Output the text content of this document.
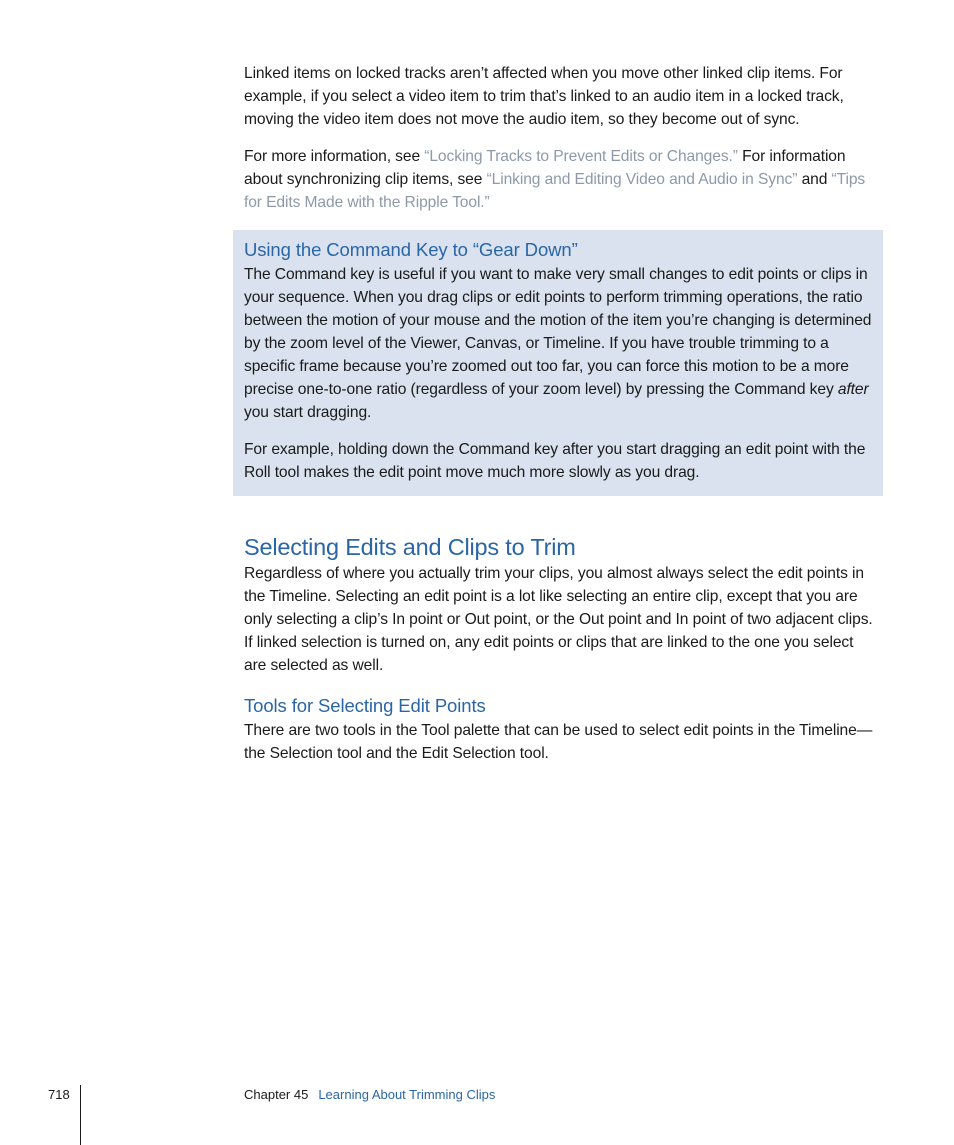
Linked items on locked tracks aren’t affected when you move other linked clip items. For example, if you select a video item to trim that’s linked to an audio item in a locked track, moving the video item does not move the audio item, so they become out of sync.

For more information, see “Locking Tracks to Prevent Edits or Changes.” For information about synchronizing clip items, see “Linking and Editing Video and Audio in Sync” and “Tips for Edits Made with the Ripple Tool.”

Using the Command Key to “Gear Down”

The Command key is useful if you want to make very small changes to edit points or clips in your sequence. When you drag clips or edit points to perform trimming operations, the ratio between the motion of your mouse and the motion of the item you’re changing is determined by the zoom level of the Viewer, Canvas, or Timeline. If you have trouble trimming to a specific frame because you’re zoomed out too far, you can force this motion to be a more precise one-to-one ratio (regardless of your zoom level) by pressing the Command key after you start dragging.

For example, holding down the Command key after you start dragging an edit point with the Roll tool makes the edit point move much more slowly as you drag.

Selecting Edits and Clips to Trim

Regardless of where you actually trim your clips, you almost always select the edit points in the Timeline. Selecting an edit point is a lot like selecting an entire clip, except that you are only selecting a clip’s In point or Out point, or the Out point and In point of two adjacent clips. If linked selection is turned on, any edit points or clips that are linked to the one you select are selected as well.

Tools for Selecting Edit Points

There are two tools in the Tool palette that can be used to select edit points in the Timeline—the Selection tool and the Edit Selection tool.

718	Chapter 45 Learning About Trimming Clips
